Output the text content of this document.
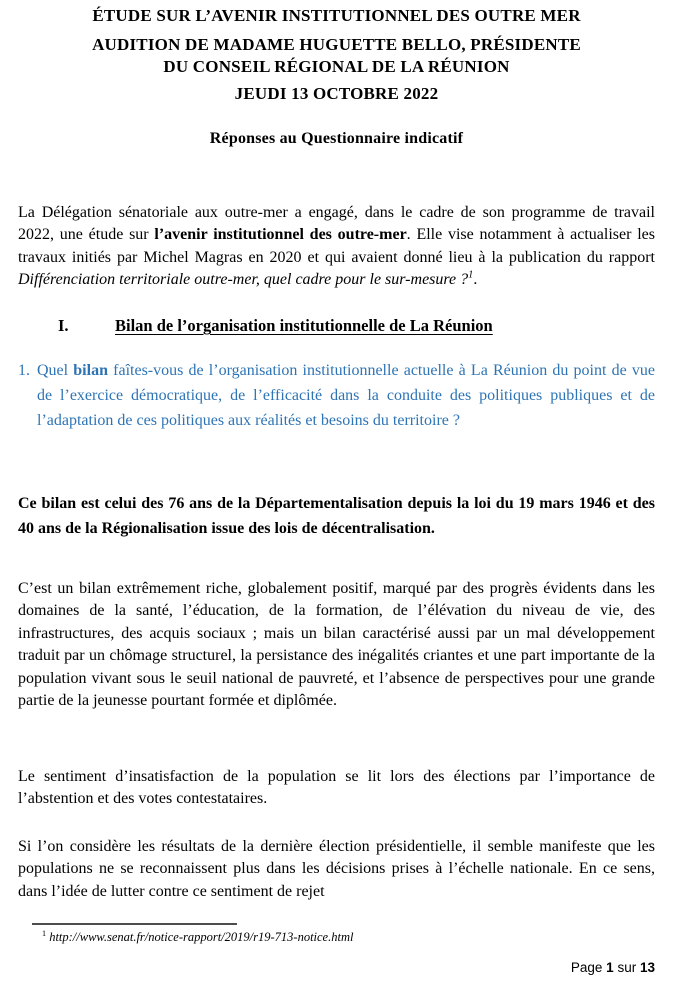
ÉTUDE SUR L’AVENIR INSTITUTIONNEL DES OUTRE MER
AUDITION DE MADAME HUGUETTE BELLO, PRÉSIDENTE
DU CONSEIL RÉGIONAL DE LA RÉUNION
JEUDI 13 OCTOBRE 2022
Réponses au Questionnaire indicatif

La Délégation sénatoriale aux outre-mer a engagé, dans le cadre de son programme de travail 2022, une étude sur l’avenir institutionnel des outre-mer. Elle vise notamment à actualiser les travaux initiés par Michel Magras en 2020 et qui avaient donné lieu à la publication du rapport Différenciation territoriale outre-mer, quel cadre pour le sur-mesure ?$^1$.

I.	Bilan de l’organisation institutionnelle de La Réunion
1. Quel bilan faîtes-vous de l’organisation institutionnelle actuelle à La Réunion du point de vue de l’exercice démocratique, de l’efficacité dans la conduite des politiques publiques et de l’adaptation de ces politiques aux réalités et besoins du territoire ?

Ce bilan est celui des 76 ans de la Départementalisation depuis la loi du 19 mars 1946 et des 40 ans de la Régionalisation issue des lois de décentralisation.

C’est un bilan extrêmement riche, globalement positif, marqué par des progrès évidents dans les domaines de la santé, l’éducation, de la formation, de l’élévation du niveau de vie, des infrastructures, des acquis sociaux ; mais un bilan caractérisé aussi par un mal développement traduit par un chômage structurel, la persistance des inégalités criantes et une part importante de la population vivant sous le seuil national de pauvreté, et l’absence de perspectives pour une grande partie de la jeunesse pourtant formée et diplômée.

Le sentiment d’insatisfaction de la population se lit lors des élections par l’importance de l’abstention et des votes contestataires.

Si l’on considère les résultats de la dernière élection présidentielle, il semble manifeste que les populations ne se reconnaissent plus dans les décisions prises à l’échelle nationale. En ce sens, dans l’idée de lutter contre ce sentiment de rejet

$^1$ http://www.senat.fr/notice-rapport/2019/r19-713-notice.html
Page 1 sur 13
